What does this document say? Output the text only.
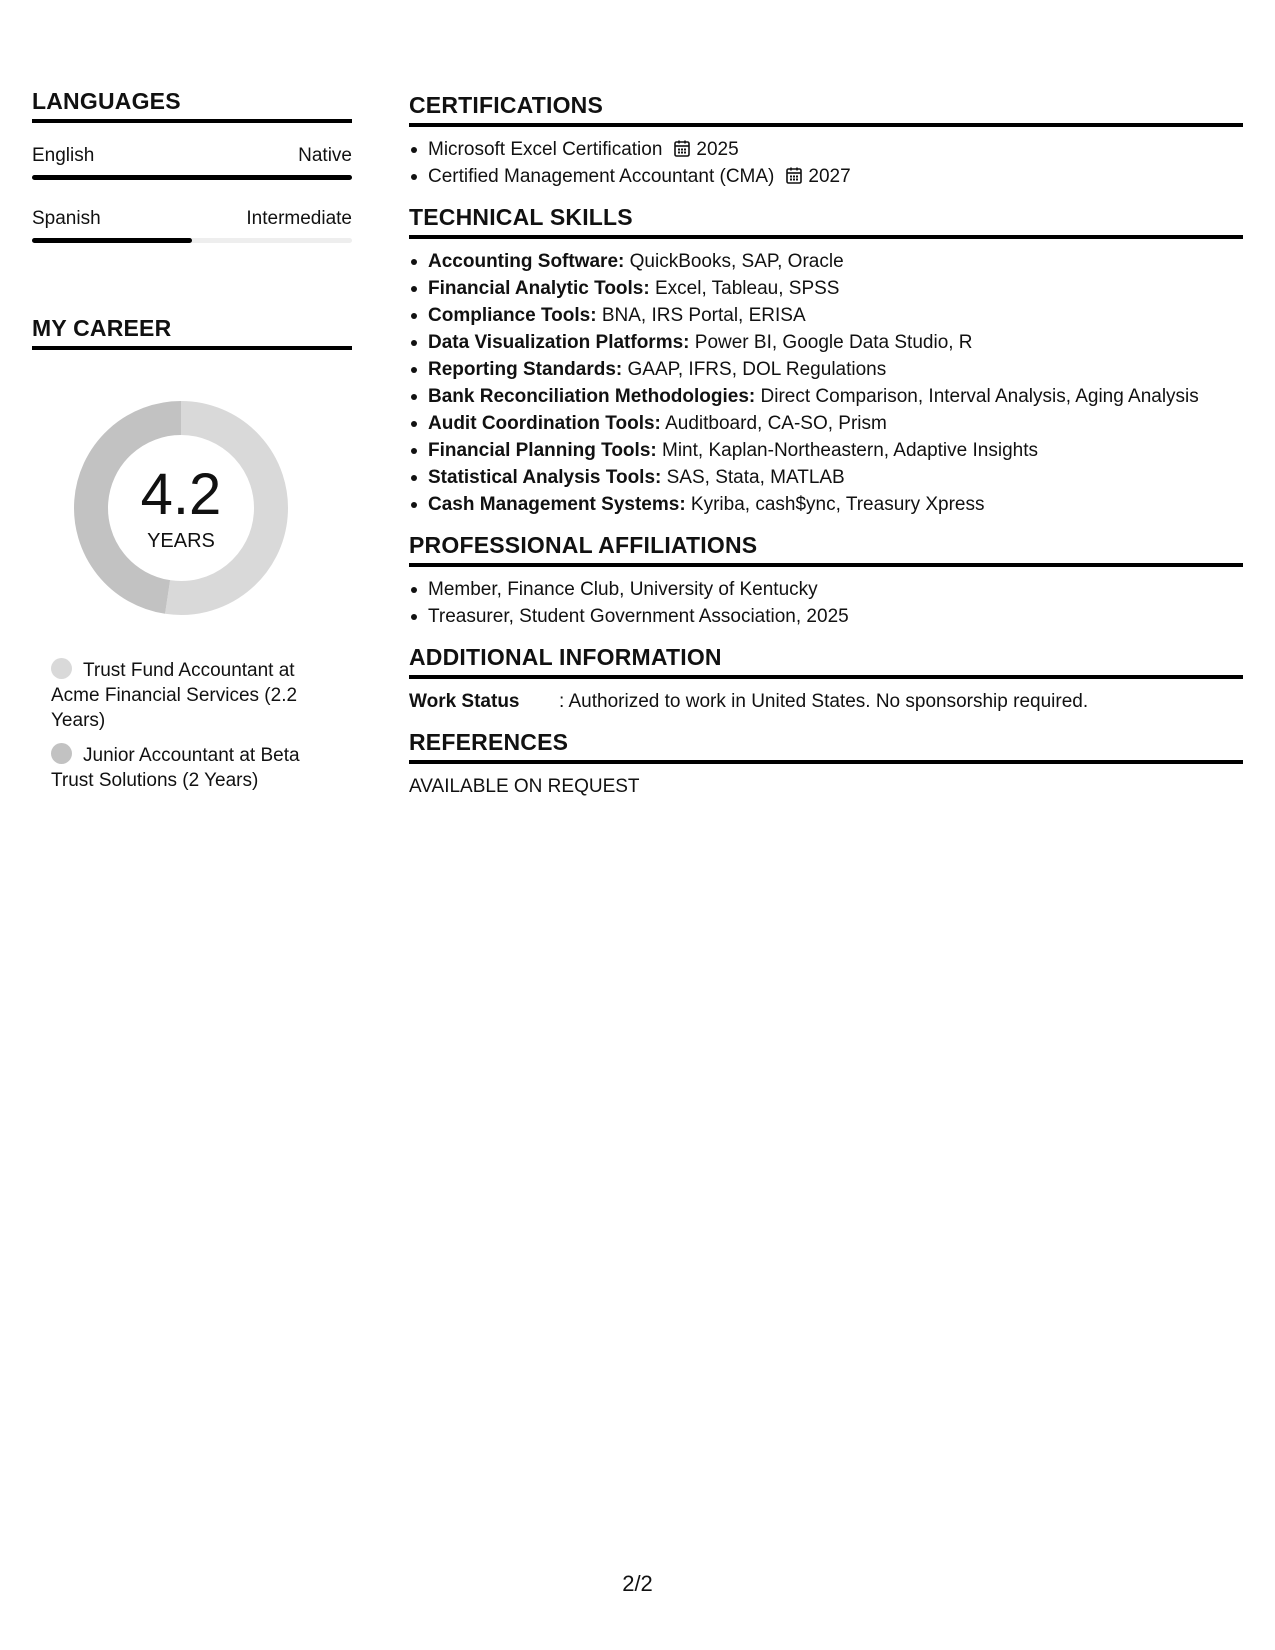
LANGUAGES
English	Native
Spanish	Intermediate
MY CAREER
4.2
YEARS
Trust Fund Accountant at Acme Financial Services (2.2 Years)
Junior Accountant at Beta Trust Solutions (2 Years)
CERTIFICATIONS
Microsoft Excel Certification 2025
Certified Management Accountant (CMA) 2027
TECHNICAL SKILLS
Accounting Software: QuickBooks, SAP, Oracle
Financial Analytic Tools: Excel, Tableau, SPSS
Compliance Tools: BNA, IRS Portal, ERISA
Data Visualization Platforms: Power BI, Google Data Studio, R
Reporting Standards: GAAP, IFRS, DOL Regulations
Bank Reconciliation Methodologies: Direct Comparison, Interval Analysis, Aging Analysis
Audit Coordination Tools: Auditboard, CA-SO, Prism
Financial Planning Tools: Mint, Kaplan-Northeastern, Adaptive Insights
Statistical Analysis Tools: SAS, Stata, MATLAB
Cash Management Systems: Kyriba, cash$ync, Treasury Xpress
PROFESSIONAL AFFILIATIONS
Member, Finance Club, University of Kentucky
Treasurer, Student Government Association, 2025
ADDITIONAL INFORMATION
Work Status : Authorized to work in United States. No sponsorship required.
REFERENCES
AVAILABLE ON REQUEST
2/2
